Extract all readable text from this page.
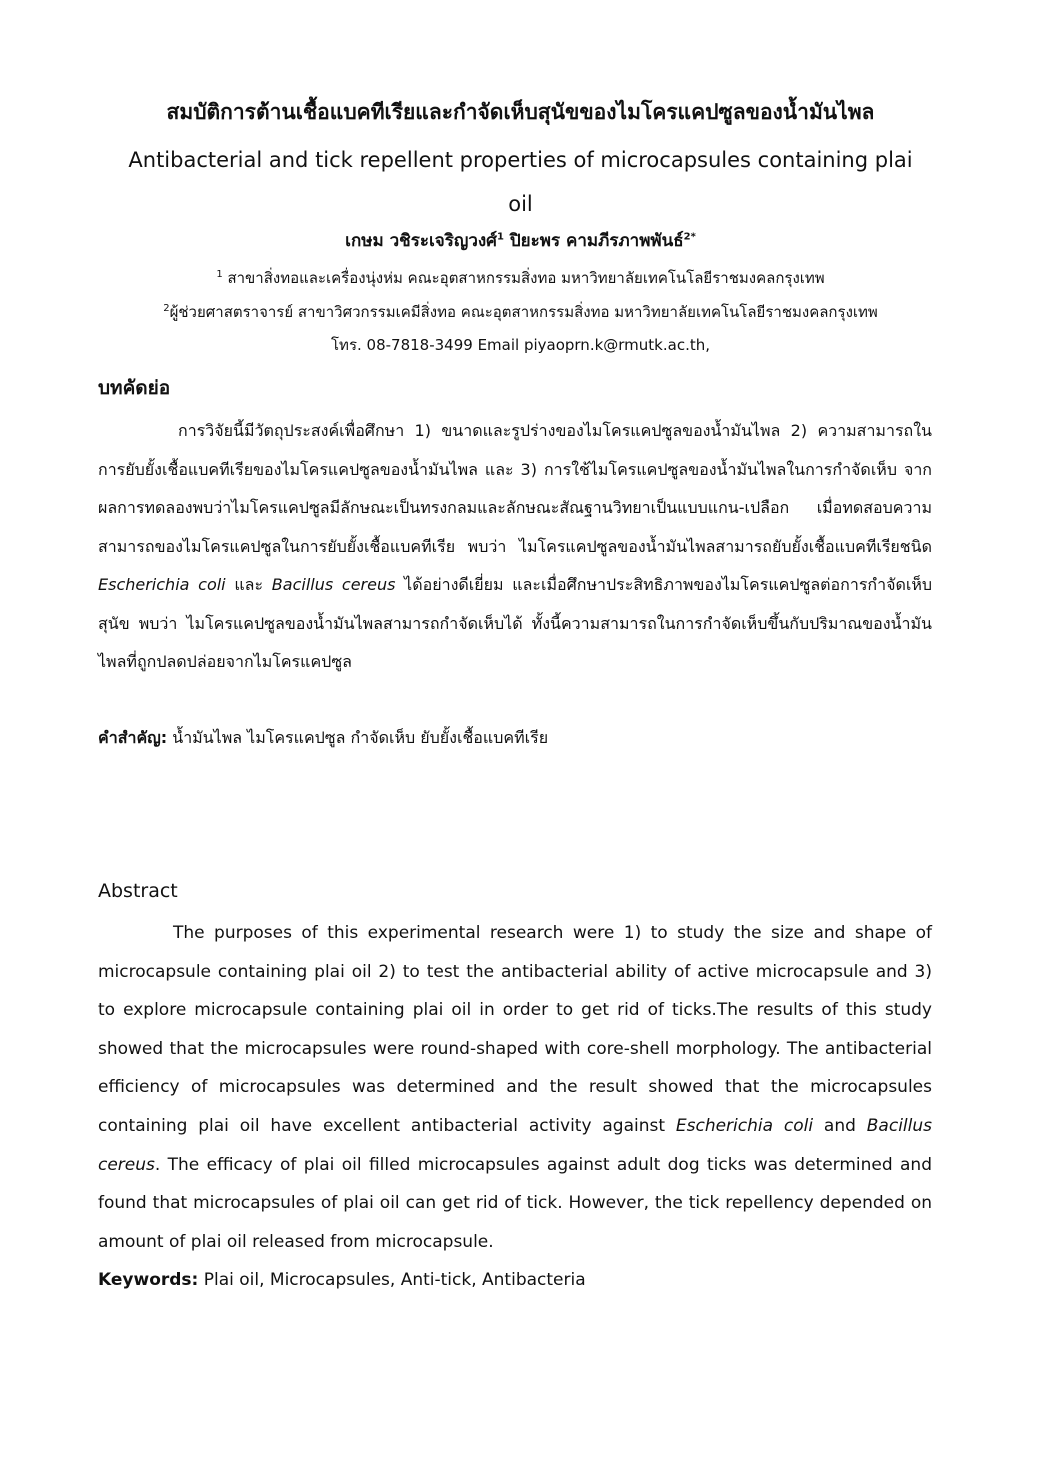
สมบัติการต้านเชื้อแบคทีเรียและกำจัดเห็บสุนัขของไมโครแคปซูลของน้ำมันไพล
Antibacterial and tick repellent properties of microcapsules containing plai oil
เกษม วชิระเจริญวงศ์$^1$ ปิยะพร คามภีรภาพพันธ์$^{2*}$
$^1$ สาขาสิ่งทอและเครื่องนุ่งห่ม คณะอุตสาหกรรมสิ่งทอ มหาวิทยาลัยเทคโนโลยีราชมงคลกรุงเทพ
$^2$ผู้ช่วยศาสตราจารย์ สาขาวิศวกรรมเคมีสิ่งทอ คณะอุตสาหกรรมสิ่งทอ มหาวิทยาลัยเทคโนโลยีราชมงคลกรุงเทพ
โทร. 08-7818-3499 Email piyaoprn.k@rmutk.ac.th,
บทคัดย่อ

การวิจัยนี้มีวัตถุประสงค์เพื่อศึกษา 1) ขนาดและรูปร่างของไมโครแคปซูลของน้ำมันไพล 2) ความสามารถในการยับยั้งเชื้อแบคทีเรียของไมโครแคปซูลของน้ำมันไพล และ 3) การใช้ไมโครแคปซูลของน้ำมันไพลในการกำจัดเห็บ จากผลการทดลองพบว่าไมโครแคปซูลมีลักษณะเป็นทรงกลมและลักษณะสัณฐานวิทยาเป็นแบบแกน-เปลือก เมื่อทดสอบความสามารถของไมโครแคปซูลในการยับยั้งเชื้อแบคทีเรีย พบว่า ไมโครแคปซูลของน้ำมันไพลสามารถยับยั้งเชื้อแบคทีเรียชนิด Escherichia coli และ Bacillus cereus ได้อย่างดีเยี่ยม และเมื่อศึกษาประสิทธิภาพของไมโครแคปซูลต่อการกำจัดเห็บสุนัข พบว่า ไมโครแคปซูลของน้ำมันไพลสามารถกำจัดเห็บได้ ทั้งนี้ความสามารถในการกำจัดเห็บขึ้นกับปริมาณของน้ำมันไพลที่ถูกปลดปล่อยจากไมโครแคปซูล

คำสำคัญ: น้ำมันไพล ไมโครแคปซูล กำจัดเห็บ ยับยั้งเชื้อแบคทีเรีย
Abstract

The purposes of this experimental research were 1) to study the size and shape of microcapsule containing plai oil 2) to test the antibacterial ability of active microcapsule and 3) to explore microcapsule containing plai oil in order to get rid of ticks.The results of this study showed that the microcapsules were round-shaped with core-shell morphology. The antibacterial efficiency of microcapsules was determined and the result showed that the microcapsules containing plai oil have excellent antibacterial activity against Escherichia coli and Bacillus cereus. The efficacy of plai oil filled microcapsules against adult dog ticks was determined and found that microcapsules of plai oil can get rid of tick. However, the tick repellency depended on amount of plai oil released from microcapsule.

Keywords: Plai oil, Microcapsules, Anti-tick, Antibacteria
